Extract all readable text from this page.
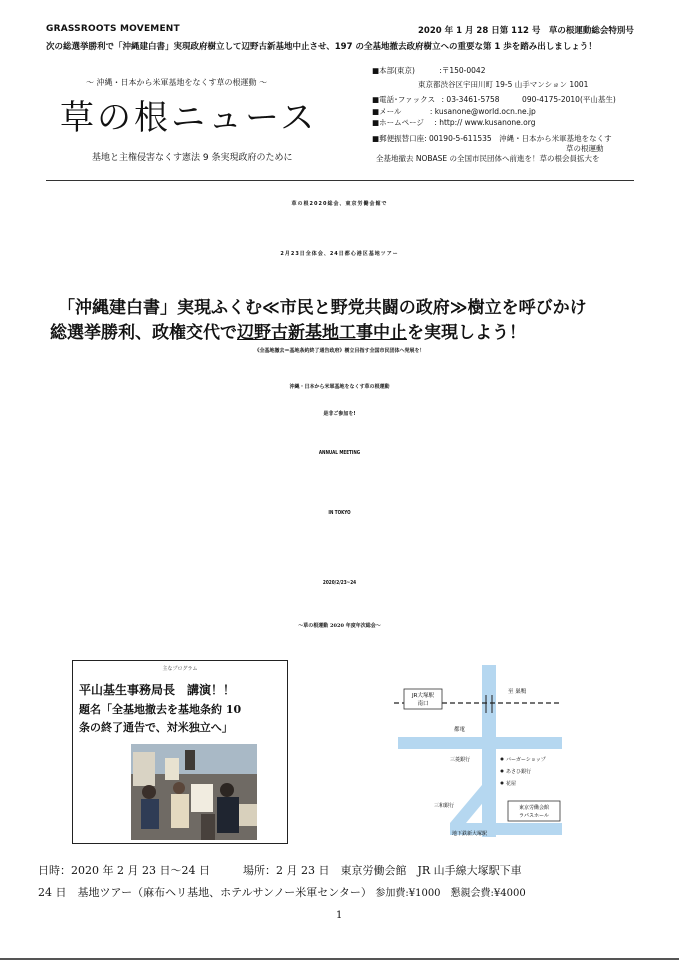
GRASSROOTS MOVEMENT	2020 年 1 月 28 日第 112 号　草の根運動総会特別号
次の総選挙勝利で「沖縄建白書」実現政府樹立して辺野古新基地中止させ、197 の全基地撤去政府樹立への重要な第 1 歩を踏み出しましょう！
～ 沖縄・日本から米軍基地をなくす草の根運動 ～
草の根ニュース
基地と主権侵害なくす憲法 9 条実現政府のために
■本部(東京)	:〒150-0042
東京都渋谷区宇田川町 19-5 山手マンション 1001
■電話･ファックス : 03-3461-5758　　　090-4175-2010(平山基生)
■メール	: kusanone@world.ocn.ne.jp
■ホームページ : http:// www.kusanone.org
■郵便振替口座: 00190-5-611535　沖縄・日本から米軍基地をなくす
草の根運動
全基地撤去 NOBASE の全国市民団体へ前進を！草の根会員拡大を
草の根2020総会、東京労働会館で
2月23日全体会、24日都心港区基地ツアー
「沖縄建白書」実現ふくむ≪市民と野党共闘の政府≫樹立を呼びかけ
総選挙勝利、政権交代で辺野古新基地工事中止を実現しよう！
《全基地撤去＝基地条約終了通告政府》樹立目指す全国市民団体へ発展を！
沖縄・日本から米軍基地をなくす草の根運動
是非ご参加を!
ANNUAL MEETING
IN TOKYO
2020/2/23~24
～草の根運動 2020 年度年次総会～
主なプログラム
平山基生事務局長　講演！！
題名「全基地撤去を基地条約 10
条の終了通告で、対米独立へ」
JR大塚駅
南口
至 巣鴨
都電
三菱銀行	バーガーショップ
あさひ銀行
花屋
三和銀行	東京労働会館
ラパスホール
地下鉄新大塚駅
日時：2020 年 2 月 23 日～24 日　　　場所：2 月 23 日　東京労働会館　JR 山手線大塚駅下車
24 日　基地ツアー（麻布ヘリ基地、ホテルサンノー米軍センター） 参加費:¥1000　懇親会費:¥4000
1
